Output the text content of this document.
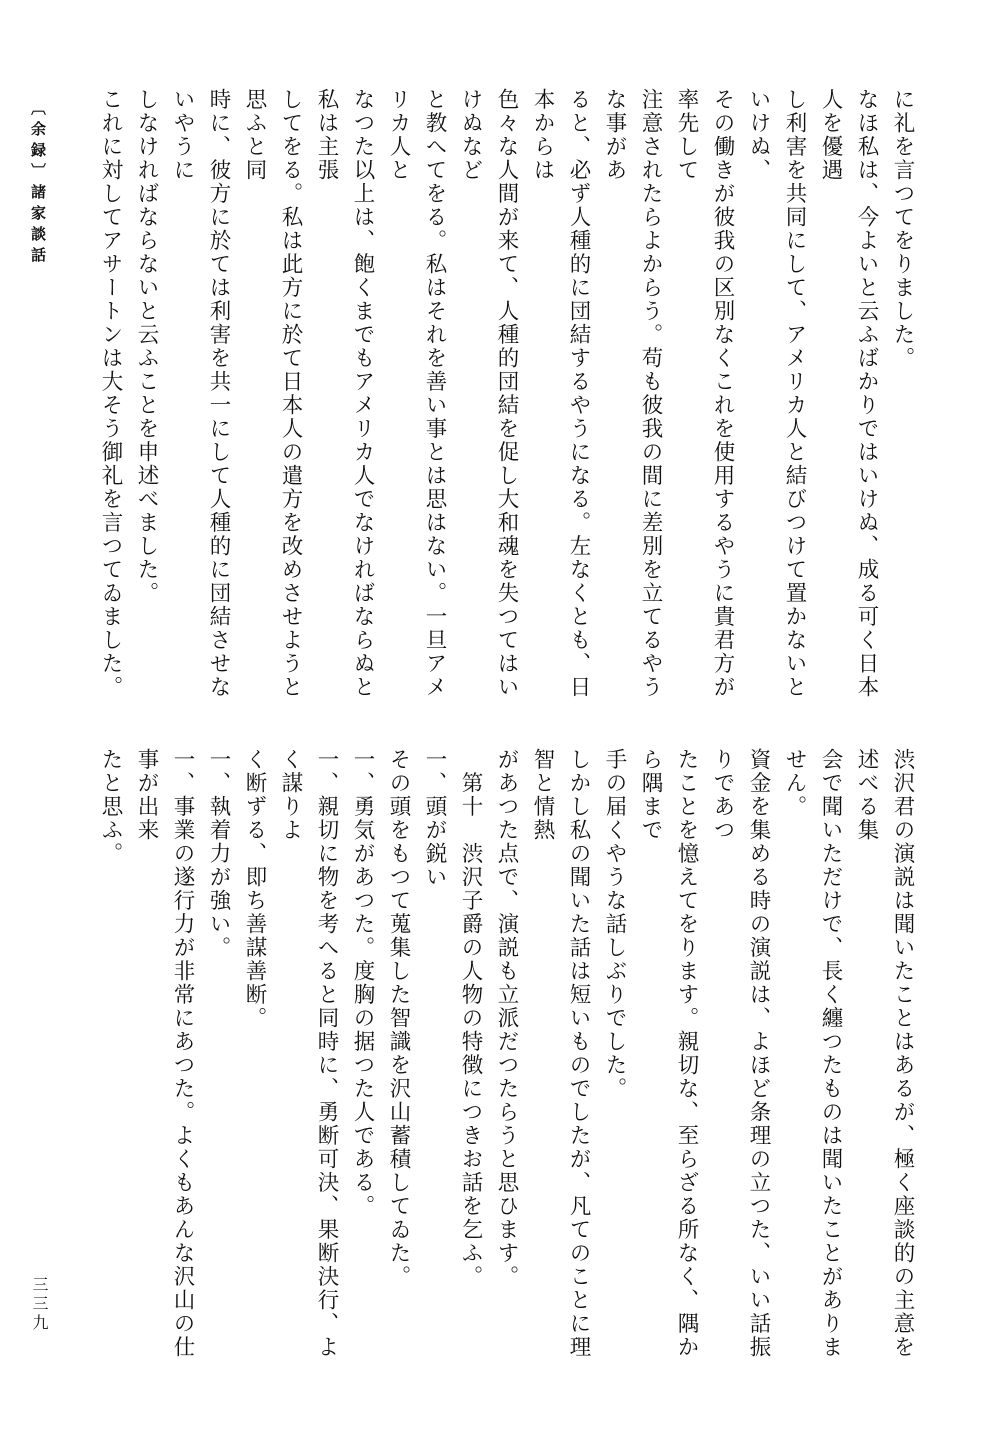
に礼を言つてをりました。

なほ私は、今よいと云ふばかりではいけぬ、成る可く日本人を優遇

し利害を共同にして、アメリカ人と結びつけて置かないといけぬ、

その働きが彼我の区別なくこれを使用するやうに貴君方が率先して

注意されたらよからう。苟も彼我の間に差別を立てるやうな事があ

ると、必ず人種的に団結するやうになる。左なくとも、日本からは

色々な人間が来て、人種的団結を促し大和魂を失つてはいけぬなど

と教へてをる。私はそれを善い事とは思はない。一旦アメリカ人と

なつた以上は、飽くまでもアメリカ人でなければならぬと私は主張

してをる。私は此方に於て日本人の遣方を改めさせようと思ふと同

時に、彼方に於ては利害を共一にして人種的に団結させないやうに

しなければならないと云ふことを申述べました。

これに対してアサートンは大そう御礼を言つてゐました。

渋沢君の演説は聞いたことはあるが、極く座談的の主意を述べる集

会で聞いただけで、長く纏つたものは聞いたことがありません。

資金を集める時の演説は、よほど条理の立つた、いい話振りであつ

たことを憶えてをります。親切な、至らざる所なく、隅から隅まで

手の届くやうな話しぶりでした。

しかし私の聞いた話は短いものでしたが、凡てのことに理智と情熱

があつた点で、演説も立派だつたらうと思ひます。

　第十　渋沢子爵の人物の特徴につきお話を乞ふ。

一、頭が鋭い

その頭をもつて蒐集した智識を沢山蓄積してゐた。

一、勇気があつた。度胸の据つた人である。

一、親切に物を考へると同時に、勇断可決、果断決行、よく謀りよ

く断ずる、即ち善謀善断。

一、執着力が強い。

一、事業の遂行力が非常にあつた。よくもあんな沢山の仕事が出来

たと思ふ。

〔余録〕諸家談話
三三九
